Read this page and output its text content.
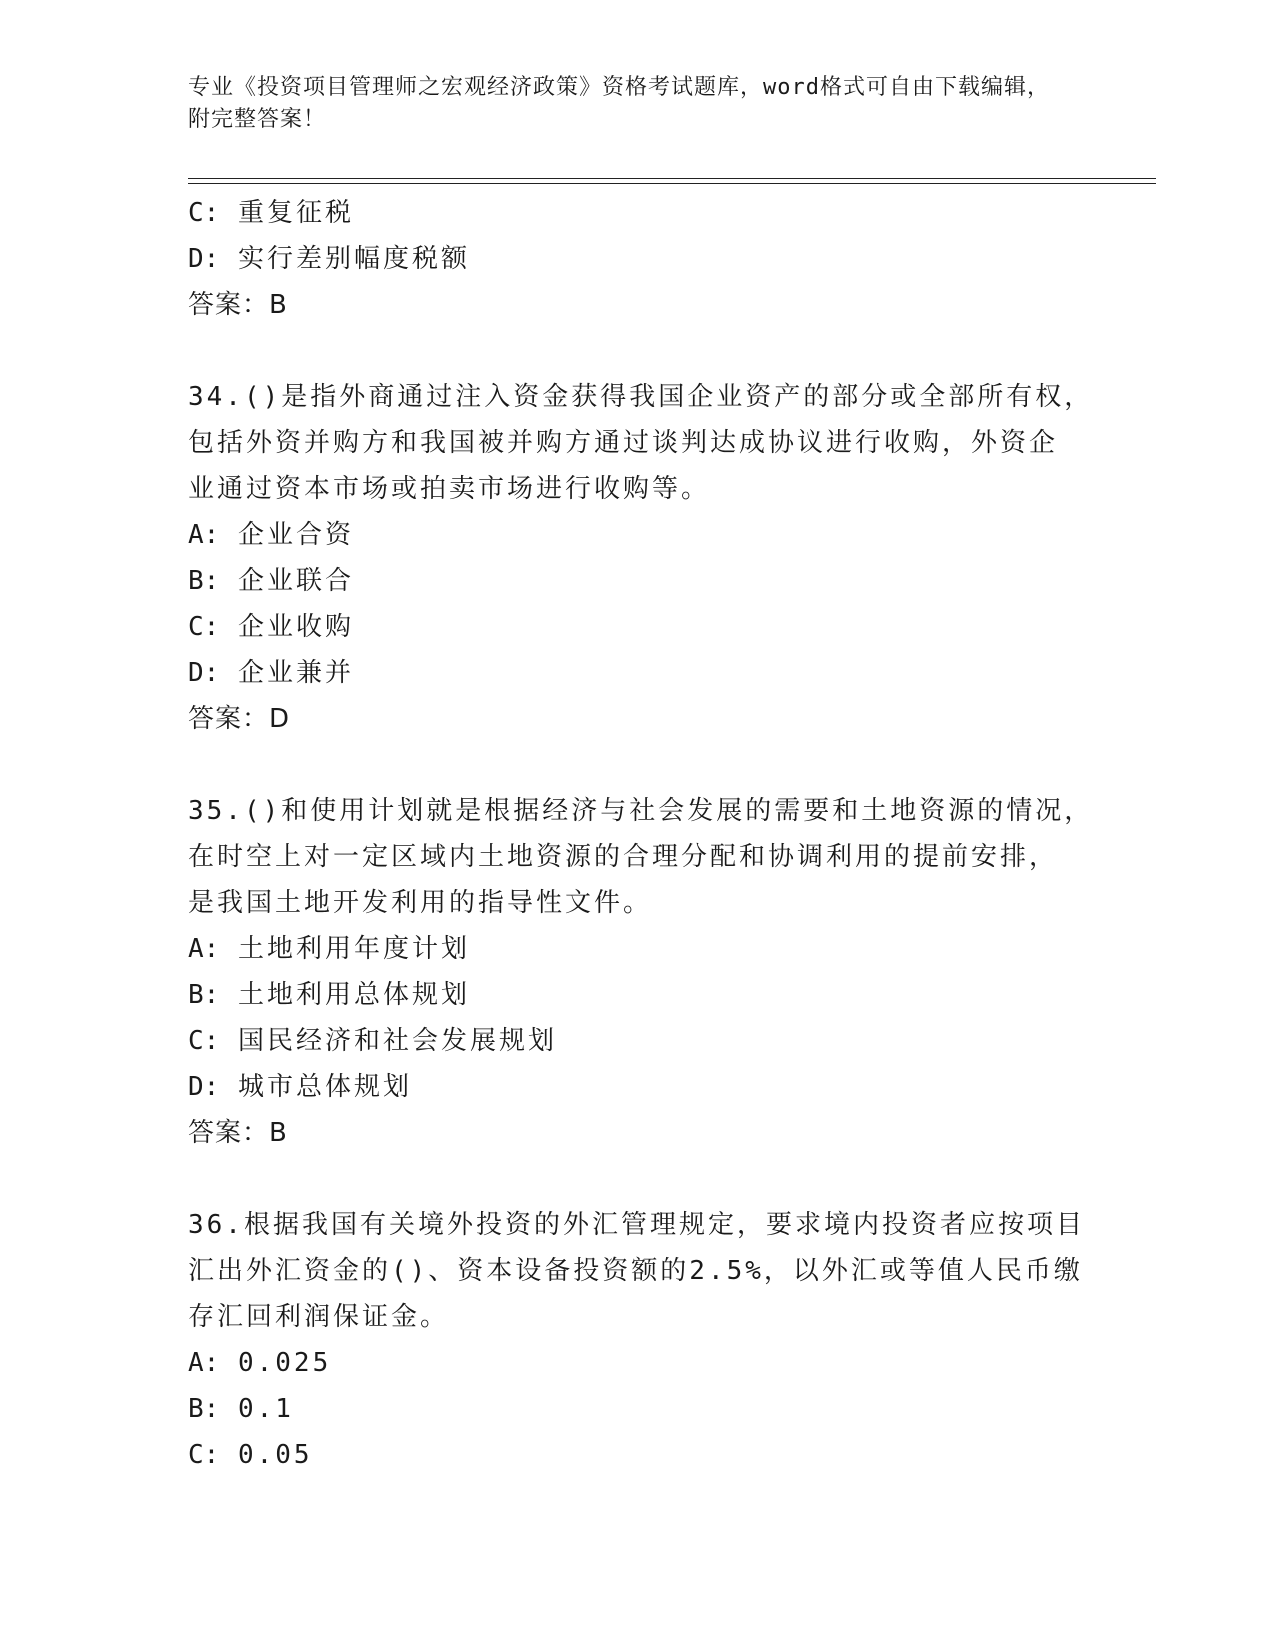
专业《投资项目管理师之宏观经济政策》资格考试题库，word格式可自由下载编辑，附完整答案！
C: 重复征税
D: 实行差别幅度税额
答案：B
34.()是指外商通过注入资金获得我国企业资产的部分或全部所有权，
包括外资并购方和我国被并购方通过谈判达成协议进行收购，外资企
业通过资本市场或拍卖市场进行收购等。
A: 企业合资
B: 企业联合
C: 企业收购
D: 企业兼并
答案：D
35.()和使用计划就是根据经济与社会发展的需要和土地资源的情况，
在时空上对一定区域内土地资源的合理分配和协调利用的提前安排，
是我国土地开发利用的指导性文件。
A: 土地利用年度计划
B: 土地利用总体规划
C: 国民经济和社会发展规划
D: 城市总体规划
答案：B
36.根据我国有关境外投资的外汇管理规定，要求境内投资者应按项目
汇出外汇资金的()、资本设备投资额的2.5%，以外汇或等值人民币缴
存汇回利润保证金。
A: 0.025
B: 0.1
C: 0.05
